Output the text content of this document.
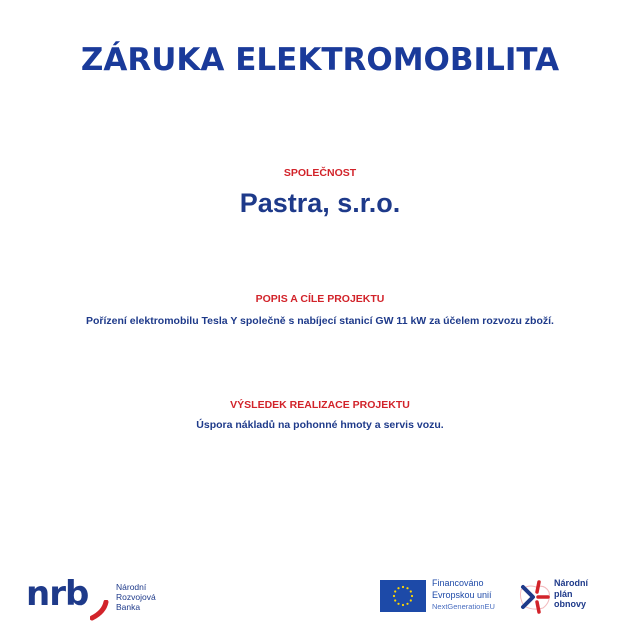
ZÁRUKA ELEKTROMOBILITA
SPOLEČNOST
Pastra, s.r.o.
POPIS A CÍLE PROJEKTU
Pořízení elektromobilu Tesla Y společně s nabíjecí stanicí GW 11 kW za účelem rozvozu zboží.
VÝSLEDEK REALIZACE PROJEKTU
Úspora nákladů na pohonné hmoty a servis vozu.
nrb	Národní
Rozvojová
Banka
Financováno
Evropskou unií
NextGenerationEU
Národní
plán
obnovy
